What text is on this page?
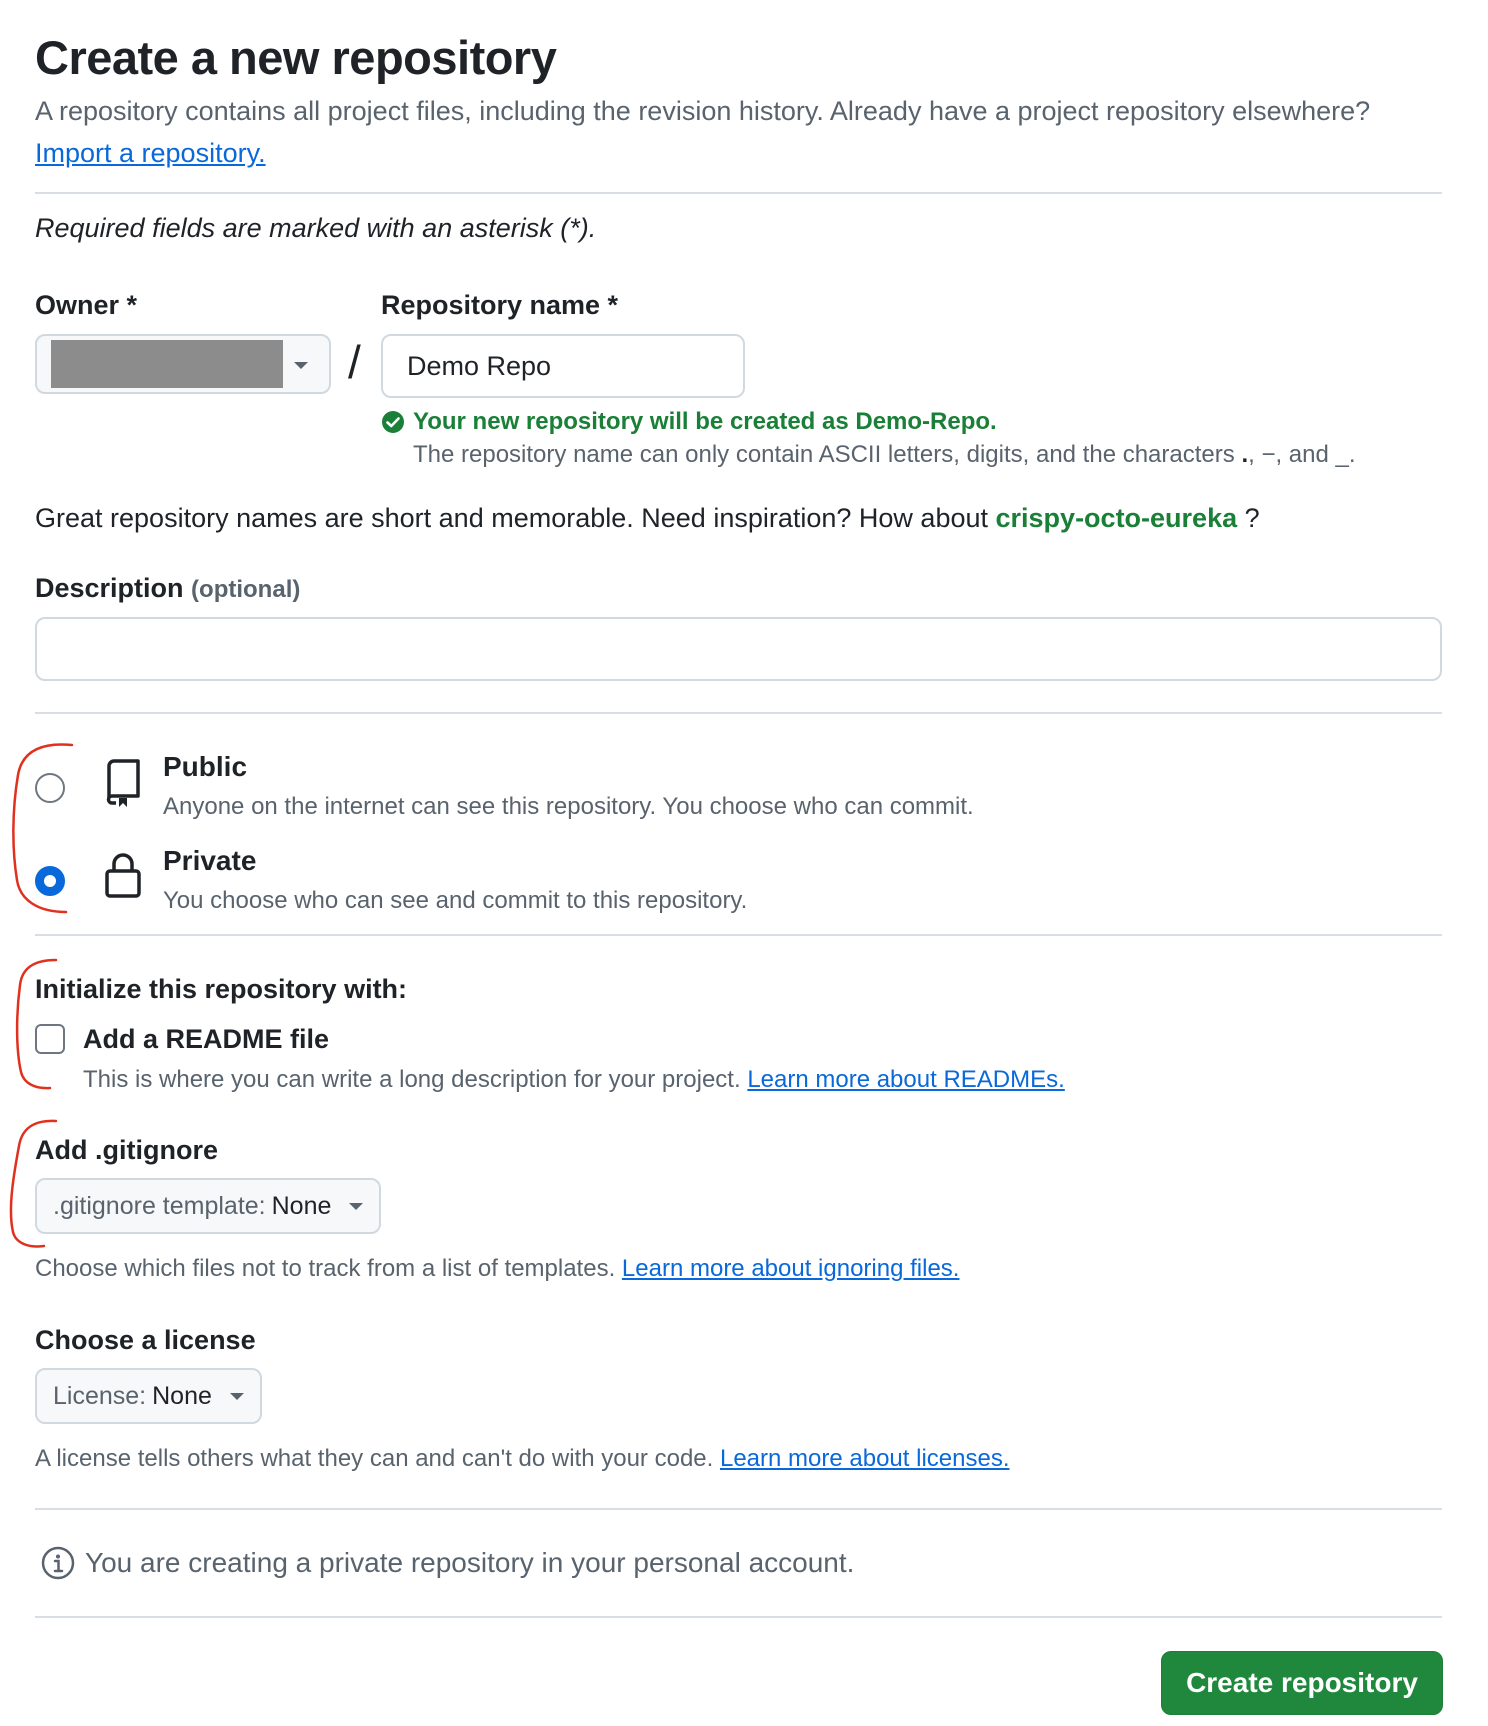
Create a new repository
A repository contains all project files, including the revision history. Already have a project repository elsewhere? Import a repository.
Required fields are marked with an asterisk (*).
Owner *
/
Repository name *
Demo Repo
Your new repository will be created as Demo-Repo.
The repository name can only contain ASCII letters, digits, and the characters ., −, and _.
Great repository names are short and memorable. Need inspiration? How about crispy-octo-eureka ?
Description (optional)
Public
Anyone on the internet can see this repository. You choose who can commit.
Private
You choose who can see and commit to this repository.
Initialize this repository with:
Add a README file
This is where you can write a long description for your project. Learn more about READMEs.
Add .gitignore
.gitignore template: None
Choose which files not to track from a list of templates. Learn more about ignoring files.
Choose a license
License: None
A license tells others what they can and can't do with your code. Learn more about licenses.
You are creating a private repository in your personal account.
Create repository
